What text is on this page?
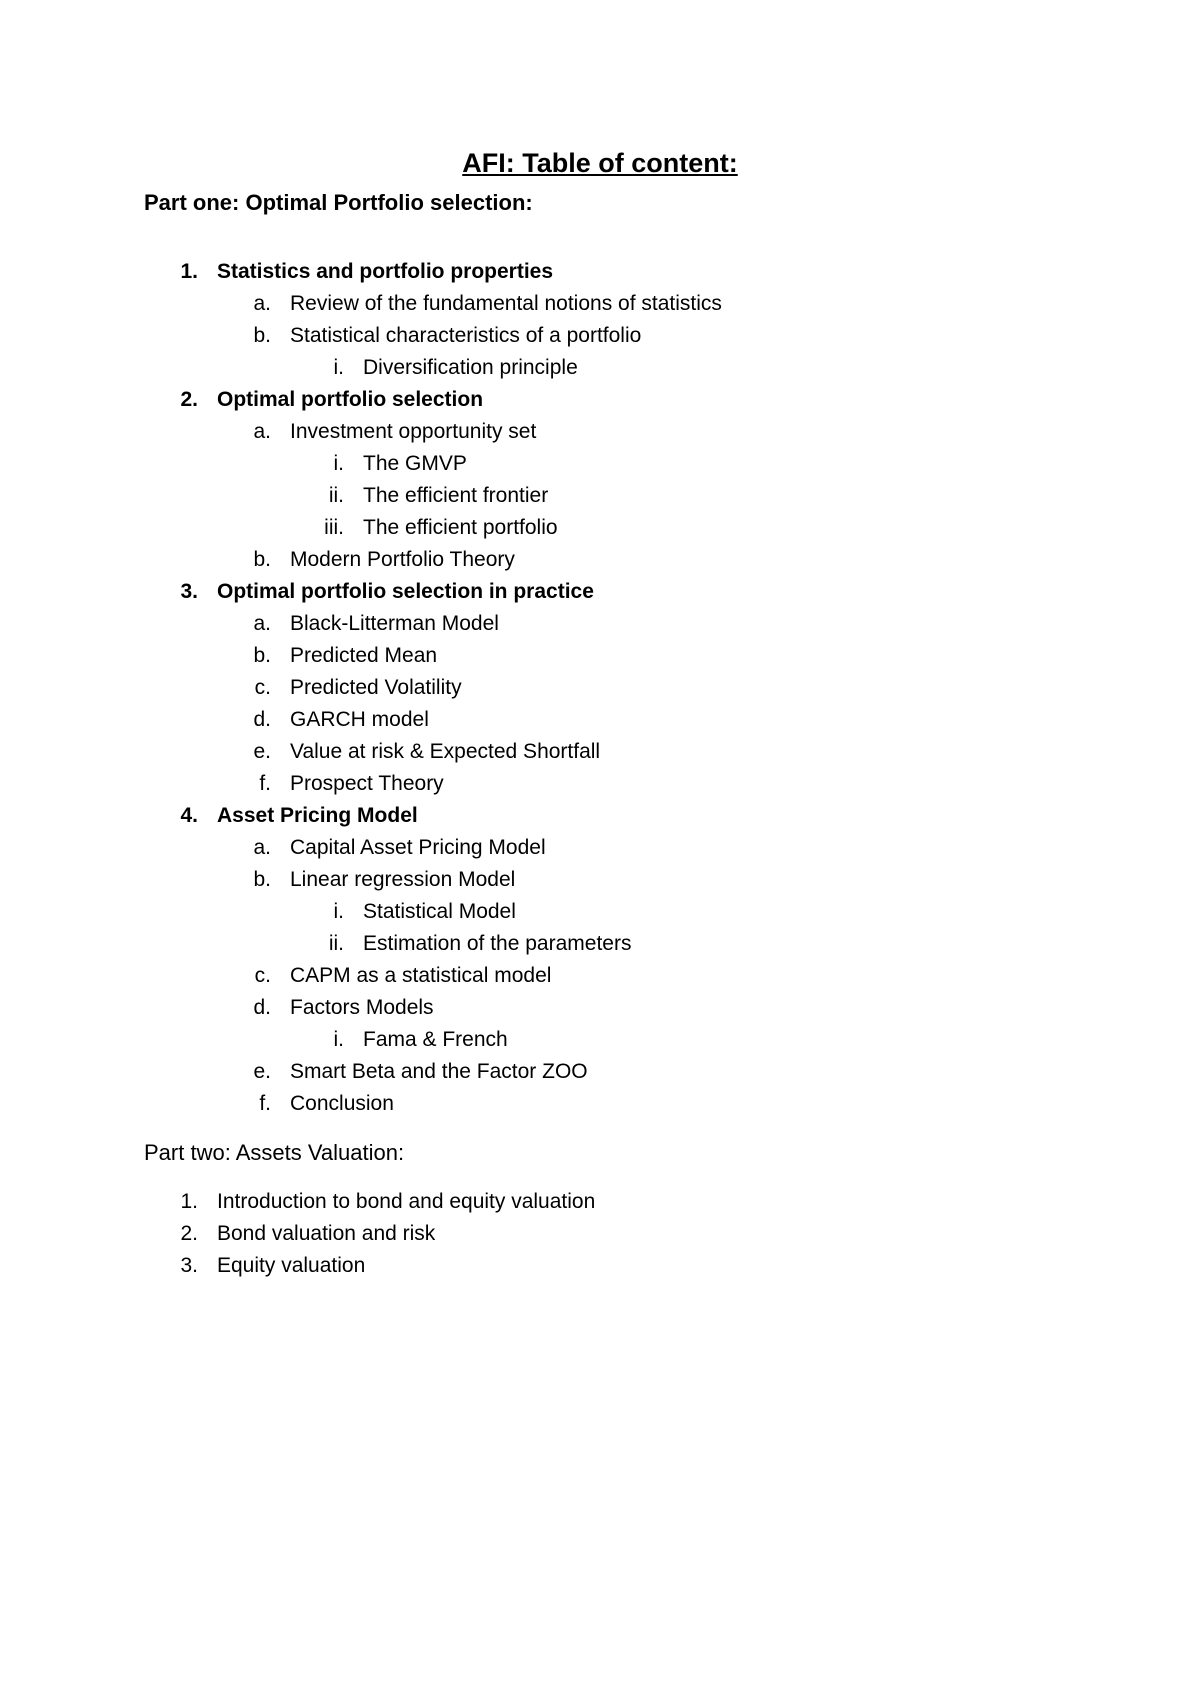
AFI: Table of content:
Part one: Optimal Portfolio selection:
1. Statistics and portfolio properties
a. Review of the fundamental notions of statistics
b. Statistical characteristics of a portfolio
i. Diversification principle
2. Optimal portfolio selection
a. Investment opportunity set
i. The GMVP
ii. The efficient frontier
iii. The efficient portfolio
b. Modern Portfolio Theory
3. Optimal portfolio selection in practice
a. Black-Litterman Model
b. Predicted Mean
c. Predicted Volatility
d. GARCH model
e. Value at risk & Expected Shortfall
f. Prospect Theory
4. Asset Pricing Model
a. Capital Asset Pricing Model
b. Linear regression Model
i. Statistical Model
ii. Estimation of the parameters
c. CAPM as a statistical model
d. Factors Models
i. Fama & French
e. Smart Beta and the Factor ZOO
f. Conclusion
Part two: Assets Valuation:
1. Introduction to bond and equity valuation
2. Bond valuation and risk
3. Equity valuation
